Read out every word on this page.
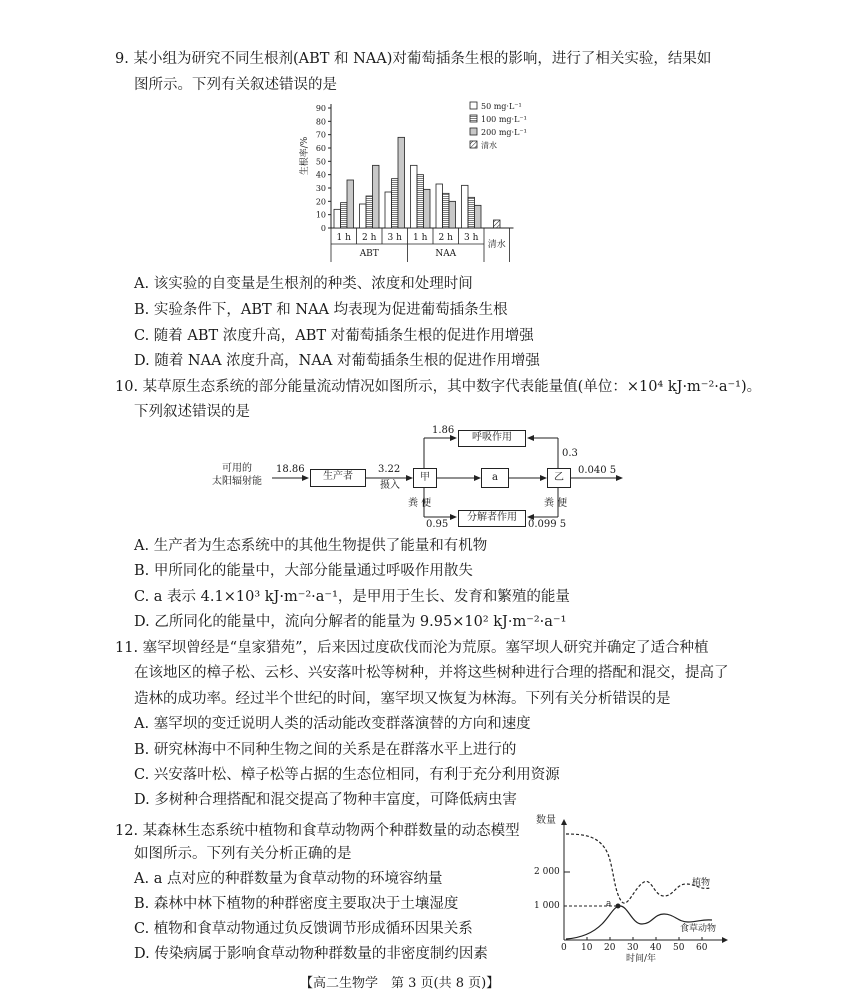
9. 某小组为研究不同生根剂(ABT 和 NAA)对葡萄插条生根的影响，进行了相关实验，结果如
图所示。下列有关叙述错误的是
0
10
20
30
40
50
60
70
80
90
生根率/%
1 h 2 h 3 h 1 h 2 h 3 h
ABT	NAA
清水
50 mg·L⁻¹
100 mg·L⁻¹
200 mg·L⁻¹
清水
A. 该实验的自变量是生根剂的种类、浓度和处理时间
B. 实验条件下，ABT 和 NAA 均表现为促进葡萄插条生根
C. 随着 ABT 浓度升高，ABT 对葡萄插条生根的促进作用增强
D. 随着 NAA 浓度升高，NAA 对葡萄插条生根的促进作用增强
10. 某草原生态系统的部分能量流动情况如图所示，其中数字代表能量值(单位：×10⁴ kJ·m⁻²·a⁻¹)。
下列叙述错误的是
可用的
太阳辐射能
18.86
生产者
3.22
摄入
甲	a	乙
呼吸作用
1.86
0.3
0.040 5
分解者作用
粪 便	粪 便
0.95	0.099 5
A. 生产者为生态系统中的其他生物提供了能量和有机物
B. 甲所同化的能量中，大部分能量通过呼吸作用散失
C. a 表示 4.1×10³ kJ·m⁻²·a⁻¹，是甲用于生长、发育和繁殖的能量
D. 乙所同化的能量中，流向分解者的能量为 9.95×10² kJ·m⁻²·a⁻¹
11. 塞罕坝曾经是“皇家猎苑”，后来因过度砍伐而沦为荒原。塞罕坝人研究并确定了适合种植
在该地区的樟子松、云杉、兴安落叶松等树种，并将这些树种进行合理的搭配和混交，提高了
造林的成功率。经过半个世纪的时间，塞罕坝又恢复为林海。下列有关分析错误的是
A. 塞罕坝的变迁说明人类的活动能改变群落演替的方向和速度
B. 研究林海中不同种生物之间的关系是在群落水平上进行的
C. 兴安落叶松、樟子松等占据的生态位相同，有利于充分利用资源
D. 多树种合理搭配和混交提高了物种丰富度，可降低病虫害
12. 某森林生态系统中植物和食草动物两个种群数量的动态模型
如图所示。下列有关分析正确的是
A. a 点对应的种群数量为食草动物的环境容纳量
B. 森林中林下植物的种群密度主要取决于土壤湿度
C. 植物和食草动物通过负反馈调节形成循环因果关系
D. 传染病属于影响食草动物种群数量的非密度制约因素
数量
2 000
1 000	a
植物
食草动物
0 10 20 30 40 50 60
时间/年
【高二生物学　第 3 页(共 8 页)】
